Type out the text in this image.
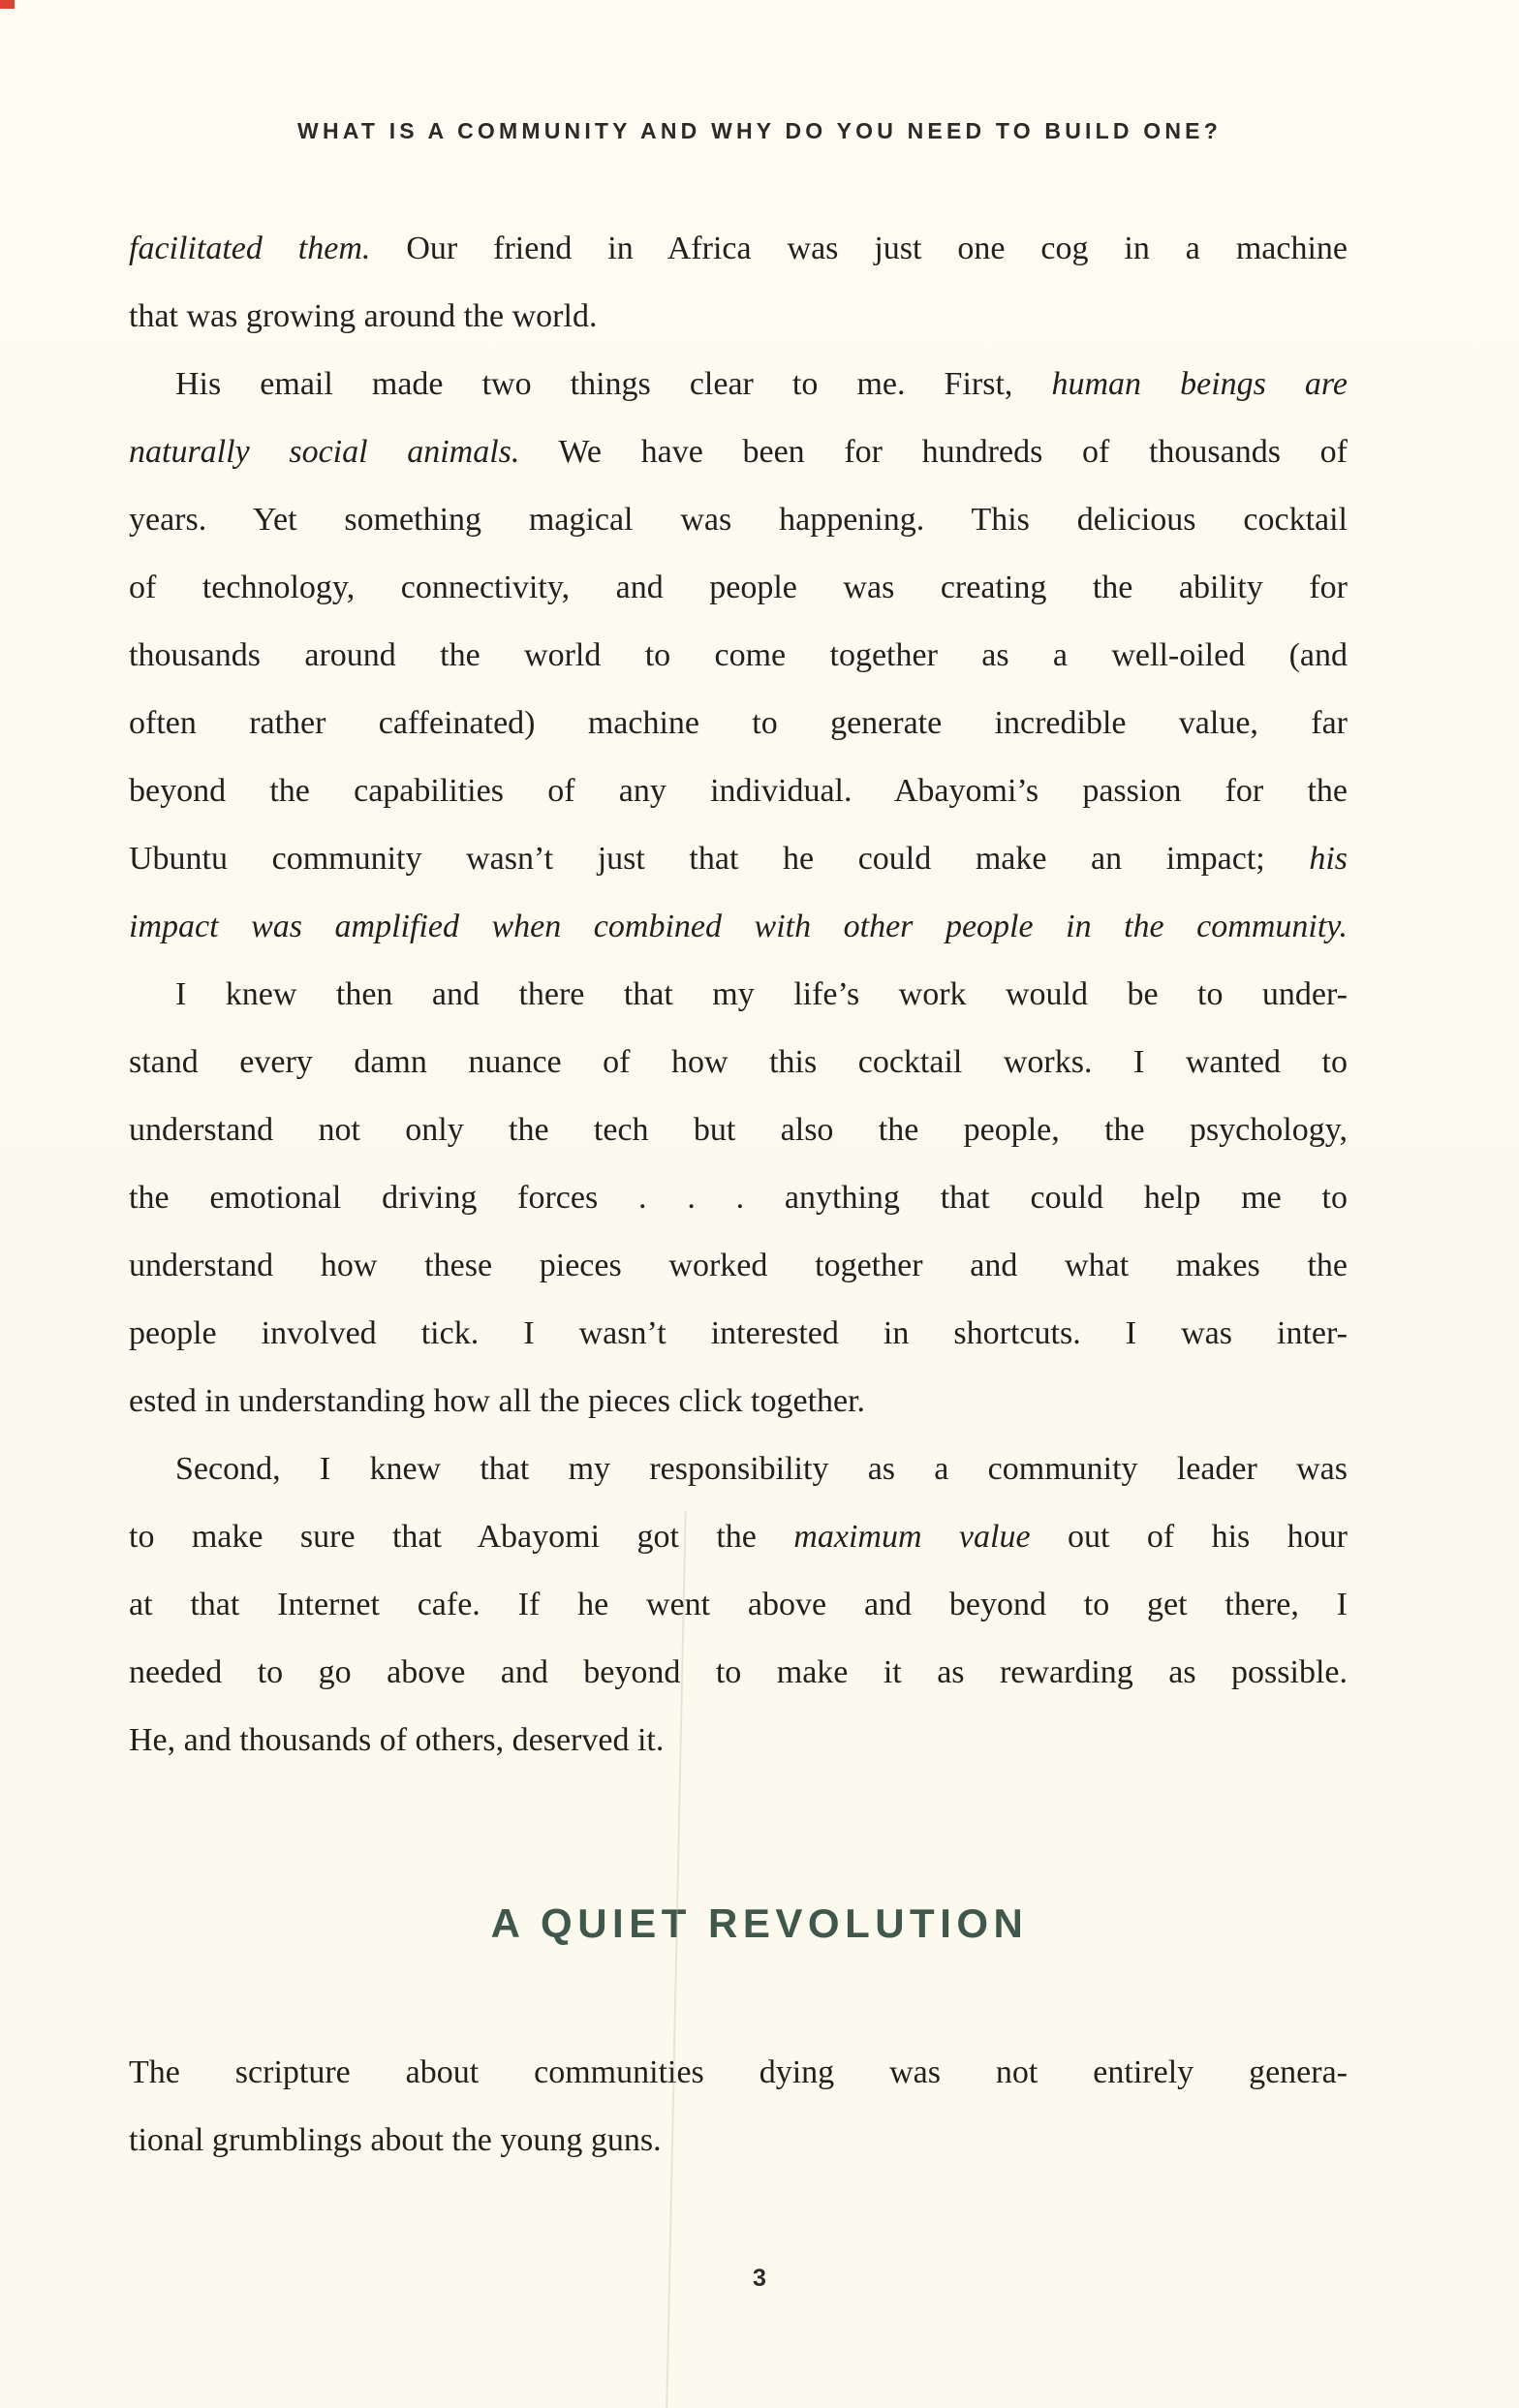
WHAT IS A COMMUNITY AND WHY DO YOU NEED TO BUILD ONE?
facilitated them. Our friend in Africa was just one cog in a machine
that was growing around the world.
His email made two things clear to me. First, human beings are
naturally social animals. We have been for hundreds of thousands of
years. Yet something magical was happening. This delicious cocktail
of technology, connectivity, and people was creating the ability for
thousands around the world to come together as a well-oiled (and
often rather caffeinated) machine to generate incredible value, far
beyond the capabilities of any individual. Abayomi’s passion for the
Ubuntu community wasn’t just that he could make an impact; his
impact was amplified when combined with other people in the community.
I knew then and there that my life’s work would be to under-
stand every damn nuance of how this cocktail works. I wanted to
understand not only the tech but also the people, the psychology,
the emotional driving forces . . . anything that could help me to
understand how these pieces worked together and what makes the
people involved tick. I wasn’t interested in shortcuts. I was inter-
ested in understanding how all the pieces click together.
Second, I knew that my responsibility as a community leader was
to make sure that Abayomi got the maximum value out of his hour
at that Internet cafe. If he went above and beyond to get there, I
needed to go above and beyond to make it as rewarding as possible.
He, and thousands of others, deserved it.
A QUIET REVOLUTION
The scripture about communities dying was not entirely genera-
tional grumblings about the young guns.
3
